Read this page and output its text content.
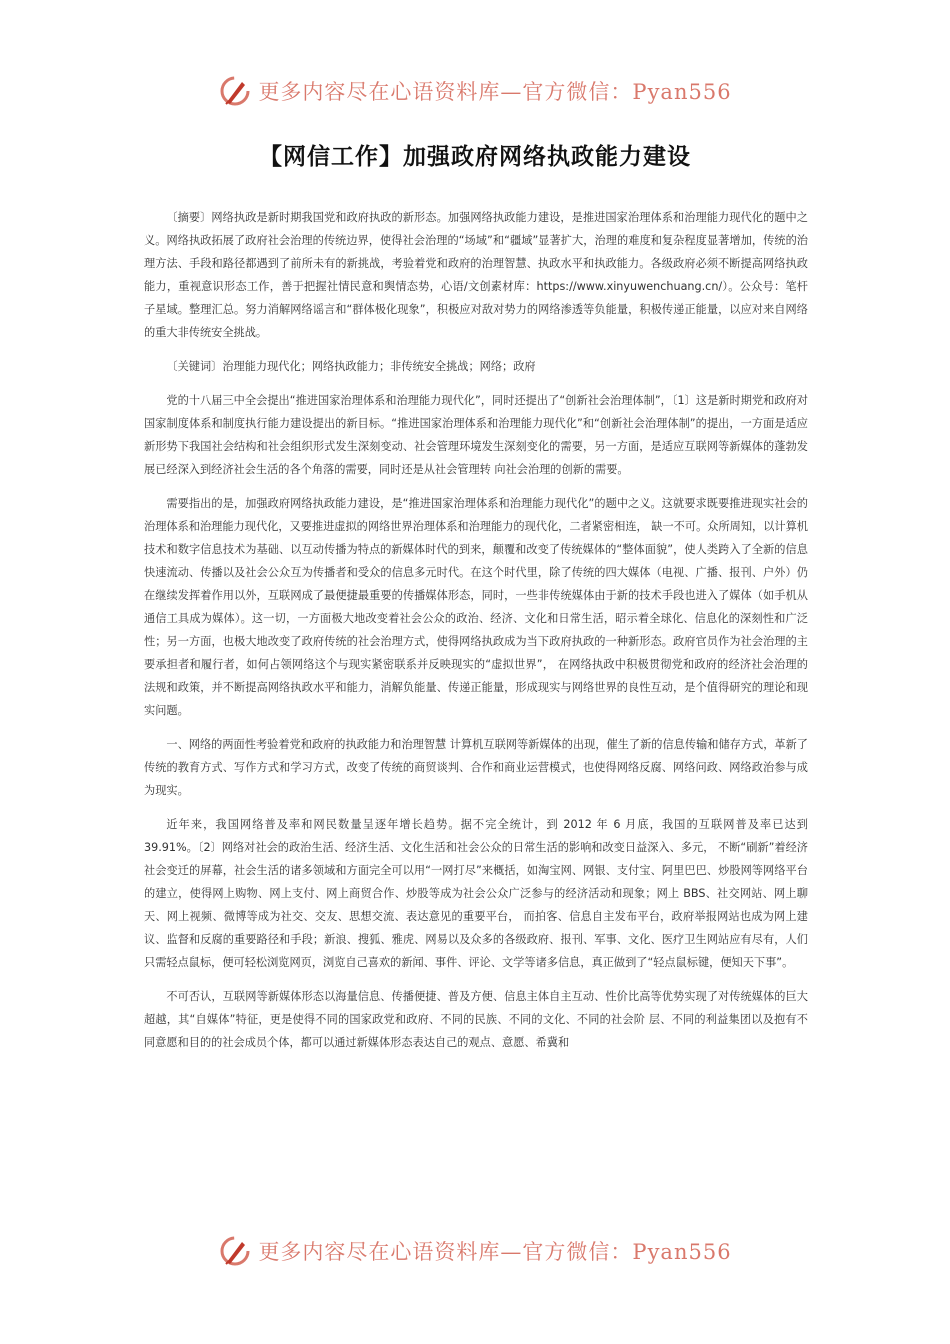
更多内容尽在心语资料库—官方微信：Pyan556
【网信工作】加强政府网络执政能力建设

〔摘要〕网络执政是新时期我国党和政府执政的新形态。加强网络执政能力建设，是推进国家治理体系和治理能力现代化的题中之义。网络执政拓展了政府社会治理的传统边界，使得社会治理的“场域”和“疆域”显著扩大，治理的难度和复杂程度显著增加，传统的治理方法、手段和路径都遇到了前所未有的新挑战，考验着党和政府的治理智慧、执政水平和执政能力。各级政府必须不断提高网络执政能力，重视意识形态工作，善于把握社情民意和舆情态势，心语/文创素材库：https://www.xinyuwenchuang.cn/）。公众号：笔杆子星域。整理汇总。努力消解网络谣言和“群体极化现象”，积极应对敌对势力的网络渗透等负能量，积极传递正能量，以应对来自网络的重大非传统安全挑战。

〔关键词〕治理能力现代化；网络执政能力；非传统安全挑战；网络；政府

党的十八届三中全会提出“推进国家治理体系和治理能力现代化”，同时还提出了“创新社会治理体制”，〔1〕这是新时期党和政府对国家制度体系和制度执行能力建设提出的新目标。“推进国家治理体系和治理能力现代化”和“创新社会治理体制”的提出，一方面是适应新形势下我国社会结构和社会组织形式发生深刻变动、社会管理环境发生深刻变化的需要，另一方面，是适应互联网等新媒体的蓬勃发展已经深入到经济社会生活的各个角落的需要，同时还是从社会管理转 向社会治理的创新的需要。

需要指出的是，加强政府网络执政能力建设，是“推进国家治理体系和治理能力现代化”的题中之义。这就要求既要推进现实社会的治理体系和治理能力现代化，又要推进虚拟的网络世界治理体系和治理能力的现代化，二者紧密相连， 缺一不可。众所周知，以计算机技术和数字信息技术为基础、以互动传播为特点的新媒体时代的到来，颠覆和改变了传统媒体的“整体面貌”，使人类跨入了全新的信息快速流动、传播以及社会公众互为传播者和受众的信息多元时代。在这个时代里，除了传统的四大媒体（电视、广播、报刊、户外）仍在继续发挥着作用以外，互联网成了最便捷最重要的传播媒体形态，同时，一些非传统媒体由于新的技术手段也进入了媒体（如手机从通信工具成为媒体）。这一切，一方面极大地改变着社会公众的政治、经济、文化和日常生活，昭示着全球化、信息化的深刻性和广泛性；另一方面，也极大地改变了政府传统的社会治理方式，使得网络执政成为当下政府执政的一种新形态。政府官员作为社会治理的主要承担者和履行者，如何占领网络这个与现实紧密联系并反映现实的“虚拟世界”， 在网络执政中积极贯彻党和政府的经济社会治理的法规和政策，并不断提高网络执政水平和能力，消解负能量、传递正能量，形成现实与网络世界的良性互动，是个值得研究的理论和现实问题。

一、网络的两面性考验着党和政府的执政能力和治理智慧 计算机互联网等新媒体的出现，催生了新的信息传输和储存方式，革新了传统的教育方式、写作方式和学习方式，改变了传统的商贸谈判、合作和商业运营模式，也使得网络反腐、网络问政、网络政治参与成为现实。

近年来，我国网络普及率和网民数量呈逐年增长趋势。据不完全统计，到 2012 年 6 月底，我国的互联网普及率已达到 39.91%。〔2〕网络对社会的政治生活、经济生活、文化生活和社会公众的日常生活的影响和改变日益深入、多元， 不断“刷新”着经济社会变迁的屏幕，社会生活的诸多领域和方面完全可以用“一网打尽”来概括，如淘宝网、网银、支付宝、阿里巴巴、炒股网等网络平台的建立，使得网上购物、网上支付、网上商贸合作、炒股等成为社会公众广泛参与的经济活动和现象；网上 BBS、社交网站、网上聊天、网上视频、微博等成为社交、交友、思想交流、表达意见的重要平台， 而拍客、信息自主发布平台，政府举报网站也成为网上建议、监督和反腐的重要路径和手段；新浪、搜狐、雅虎、网易以及众多的各级政府、报刊、军事、文化、医疗卫生网站应有尽有，人们只需轻点鼠标，便可轻松浏览网页，浏览自己喜欢的新闻、事件、评论、文学等诸多信息，真正做到了“轻点鼠标键，便知天下事”。

不可否认，互联网等新媒体形态以海量信息、传播便捷、普及方便、信息主体自主互动、性价比高等优势实现了对传统媒体的巨大超越，其“自媒体”特征，更是使得不同的国家政党和政府、不同的民族、不同的文化、不同的社会阶 层、不同的利益集团以及抱有不同意愿和目的的社会成员个体，都可以通过新媒体形态表达自己的观点、意愿、希冀和

更多内容尽在心语资料库—官方微信：Pyan556
